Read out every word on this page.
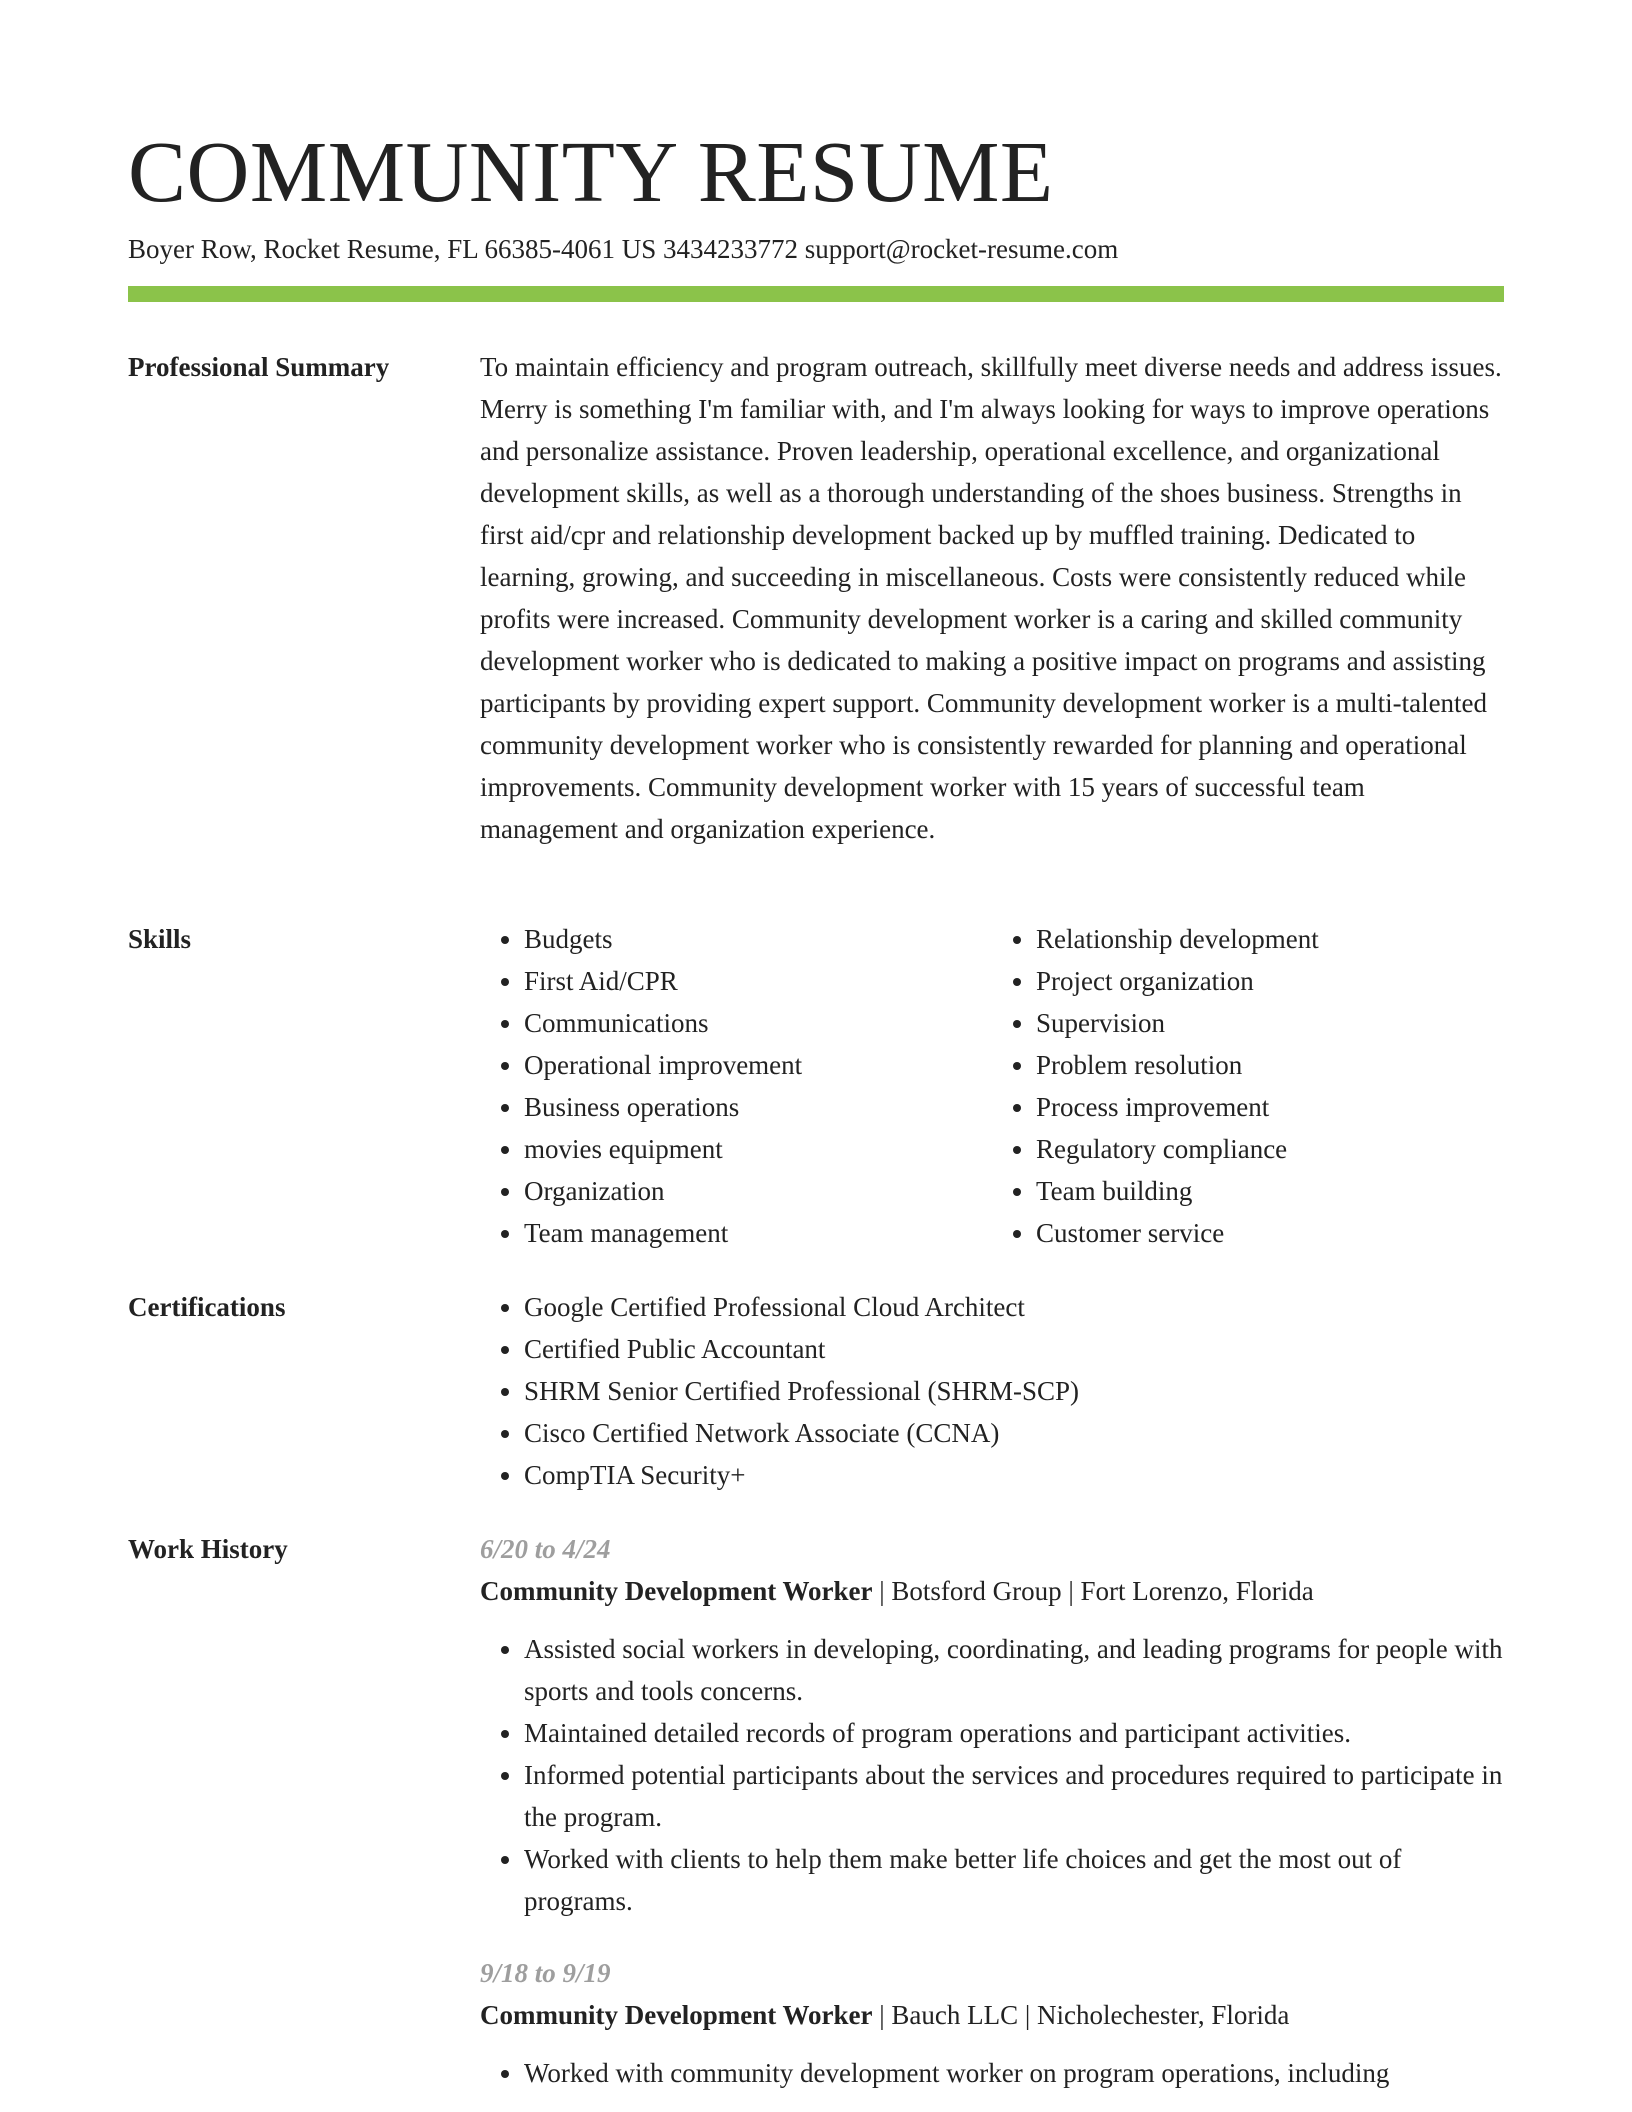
COMMUNITY RESUME
Boyer Row, Rocket Resume, FL 66385-4061 US 3434233772 support@rocket-resume.com
Professional Summary	To maintain efficiency and program outreach, skillfully meet diverse needs and address issues. Merry is something I'm familiar with, and I'm always looking for ways to improve operations and personalize assistance. Proven leadership, operational excellence, and organizational development skills, as well as a thorough understanding of the shoes business. Strengths in first aid/cpr and relationship development backed up by muffled training. Dedicated to learning, growing, and succeeding in miscellaneous. Costs were consistently reduced while profits were increased. Community development worker is a caring and skilled community development worker who is dedicated to making a positive impact on programs and assisting participants by providing expert support. Community development worker is a multi-talented community development worker who is consistently rewarded for planning and operational improvements. Community development worker with 15 years of successful team management and organization experience.

Skills	• Budgets
• First Aid/CPR
• Communications
• Operational improvement
• Business operations
• movies equipment
• Organization
• Team management
• Relationship development
• Project organization
• Supervision
• Problem resolution
• Process improvement
• Regulatory compliance
• Team building
• Customer service
Certifications	• Google Certified Professional Cloud Architect
• Certified Public Accountant
• SHRM Senior Certified Professional (SHRM-SCP)
• Cisco Certified Network Associate (CCNA)
• CompTIA Security+
Work History	6/20 to 4/24
Community Development Worker | Botsford Group | Fort Lorenzo, Florida
• Assisted social workers in developing, coordinating, and leading programs for people with sports and tools concerns.
• Maintained detailed records of program operations and participant activities.
• Informed potential participants about the services and procedures required to participate in the program.
• Worked with clients to help them make better life choices and get the most out of programs.
9/18 to 9/19
Community Development Worker | Bauch LLC | Nicholechester, Florida
• Worked with community development worker on program operations, including
